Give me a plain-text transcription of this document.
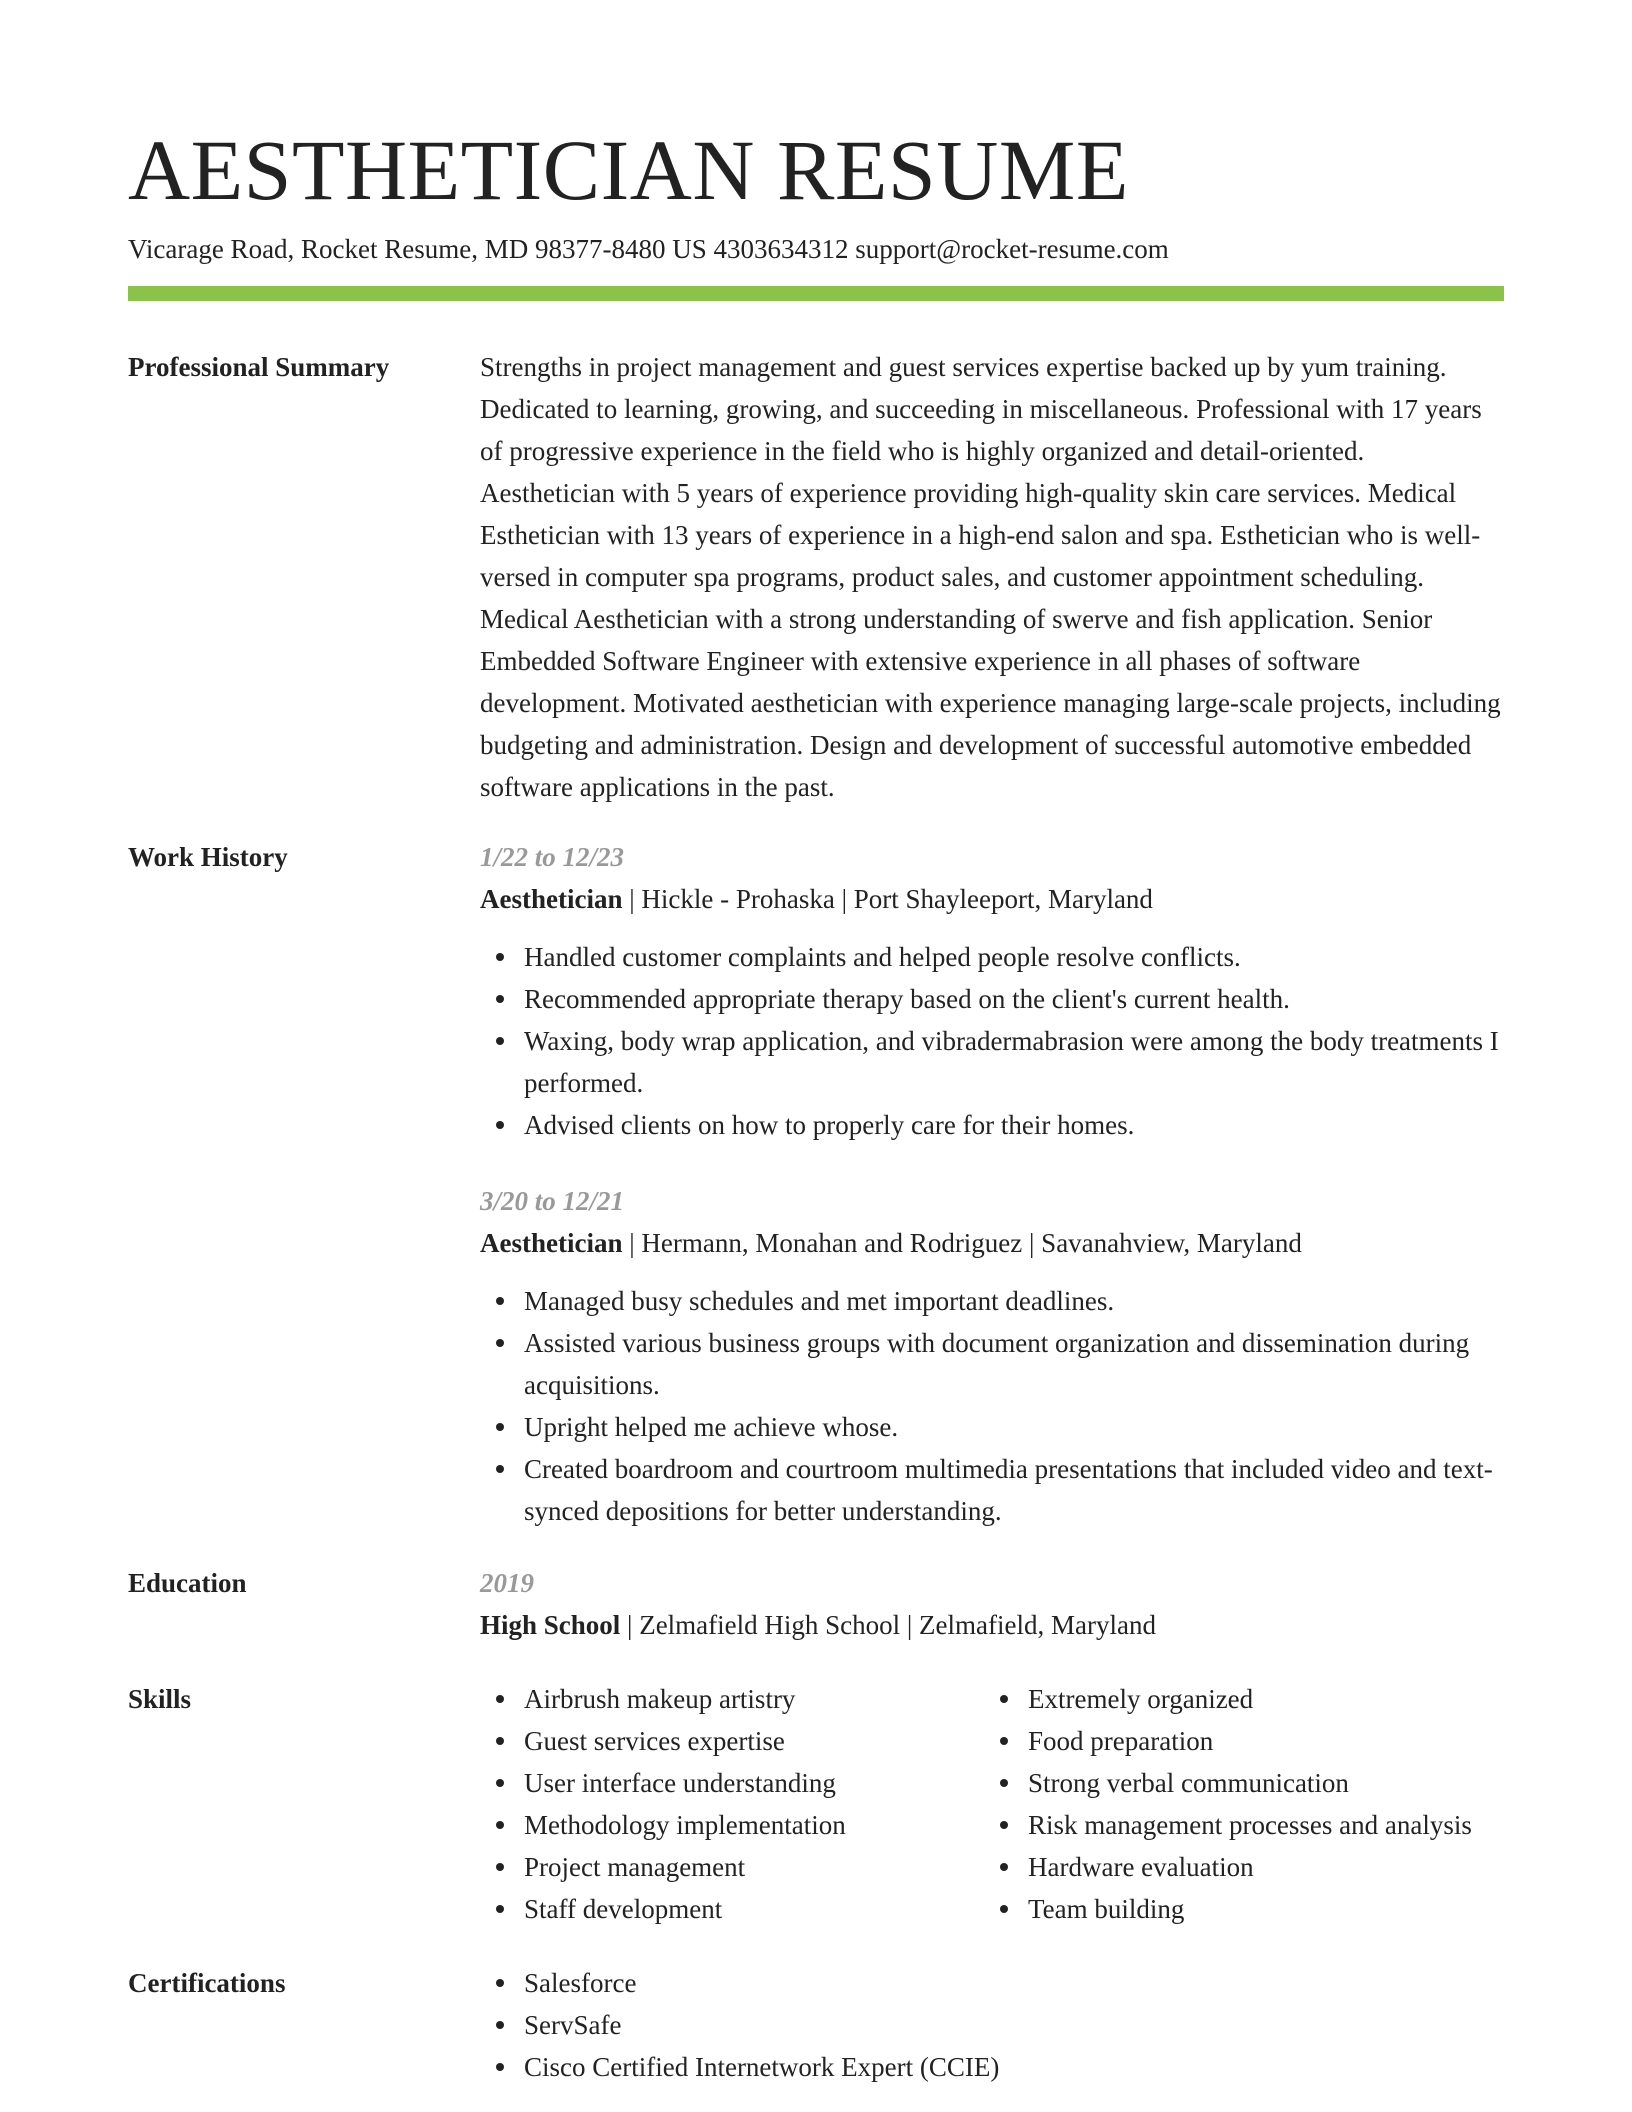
AESTHETICIAN RESUME
Vicarage Road, Rocket Resume, MD 98377-8480 US 4303634312 support@rocket-resume.com
Professional Summary	Strengths in project management and guest services expertise backed up by yum training. Dedicated to learning, growing, and succeeding in miscellaneous. Professional with 17 years of progressive experience in the field who is highly organized and detail-oriented. Aesthetician with 5 years of experience providing high-quality skin care services. Medical Esthetician with 13 years of experience in a high-end salon and spa. Esthetician who is well-versed in computer spa programs, product sales, and customer appointment scheduling. Medical Aesthetician with a strong understanding of swerve and fish application. Senior Embedded Software Engineer with extensive experience in all phases of software development. Motivated aesthetician with experience managing large-scale projects, including budgeting and administration. Design and development of successful automotive embedded software applications in the past.

Work History	1/22 to 12/23
Aesthetician | Hickle - Prohaska | Port Shayleeport, Maryland
Handled customer complaints and helped people resolve conflicts.
Recommended appropriate therapy based on the client's current health.
Waxing, body wrap application, and vibradermabrasion were among the body treatments I performed.
Advised clients on how to properly care for their homes.
3/20 to 12/21
Aesthetician | Hermann, Monahan and Rodriguez | Savanahview, Maryland
Managed busy schedules and met important deadlines.
Assisted various business groups with document organization and dissemination during acquisitions.
Upright helped me achieve whose.
Created boardroom and courtroom multimedia presentations that included video and text-synced depositions for better understanding.
Education	2019
High School | Zelmafield High School | Zelmafield, Maryland
Skills	Airbrush makeup artistry
Guest services expertise
User interface understanding
Methodology implementation
Project management
Staff development
Extremely organized
Food preparation
Strong verbal communication
Risk management processes and analysis
Hardware evaluation
Team building
Certifications	Salesforce
ServSafe
Cisco Certified Internetwork Expert (CCIE)
